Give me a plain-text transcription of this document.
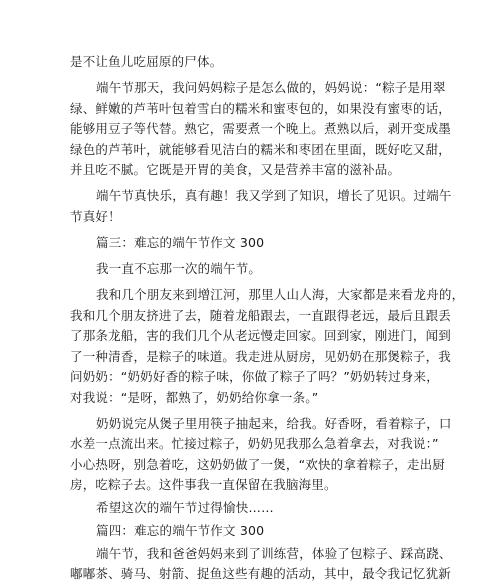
是不让鱼儿吃屈原的尸体。
端午节那天，我问妈妈粽子是怎么做的，妈妈说：“粽子是用翠
绿、鲜嫩的芦苇叶包着雪白的糯米和蜜枣包的，如果没有蜜枣的话，
能够用豆子等代替。熟它，需要煮一个晚上。煮熟以后，剥开变成墨
绿色的芦苇叶，就能够看见洁白的糯米和枣团在里面，既好吃又甜，
并且吃不腻。它既是开胃的美食，又是营养丰富的滋补品。
端午节真快乐，真有趣！我又学到了知识，增长了见识。过端午
节真好！
篇三：难忘的端午节作文 300
我一直不忘那一次的端午节。
我和几个朋友来到增江河，那里人山人海，大家都是来看龙舟的，
我和几个朋友挤进了去，随着龙船跟去，一直跟得老远，最后且跟丢
了那条龙船，害的我们几个从老远慢走回家。回到家，刚进门，闻到
了一种清香，是粽子的味道。我走进从厨房，见奶奶在那煲粽子，我
问奶奶：“奶奶好香的粽子味，你做了粽子了吗？”奶奶转过身来，
对我说：“是呀，都熟了，奶奶给你拿一条。”
奶奶说完从煲子里用筷子抽起来，给我。好香呀，看着粽子，口
水差一点流出来。忙接过粽子，奶奶见我那么急着拿去，对我说：”
小心热呀，别急着吃，这奶奶做了一煲，“欢快的拿着粽子，走出厨
房，吃粽子去。这件事我一直保留在我脑海里。
希望这次的端午节过得愉快……
篇四：难忘的端午节作文 300
端午节，我和爸爸妈妈来到了训练营，体验了包粽子、踩高跷、
嘟嘟茶、骑马、射箭、捉鱼这些有趣的活动，其中，最令我记忆犹新
